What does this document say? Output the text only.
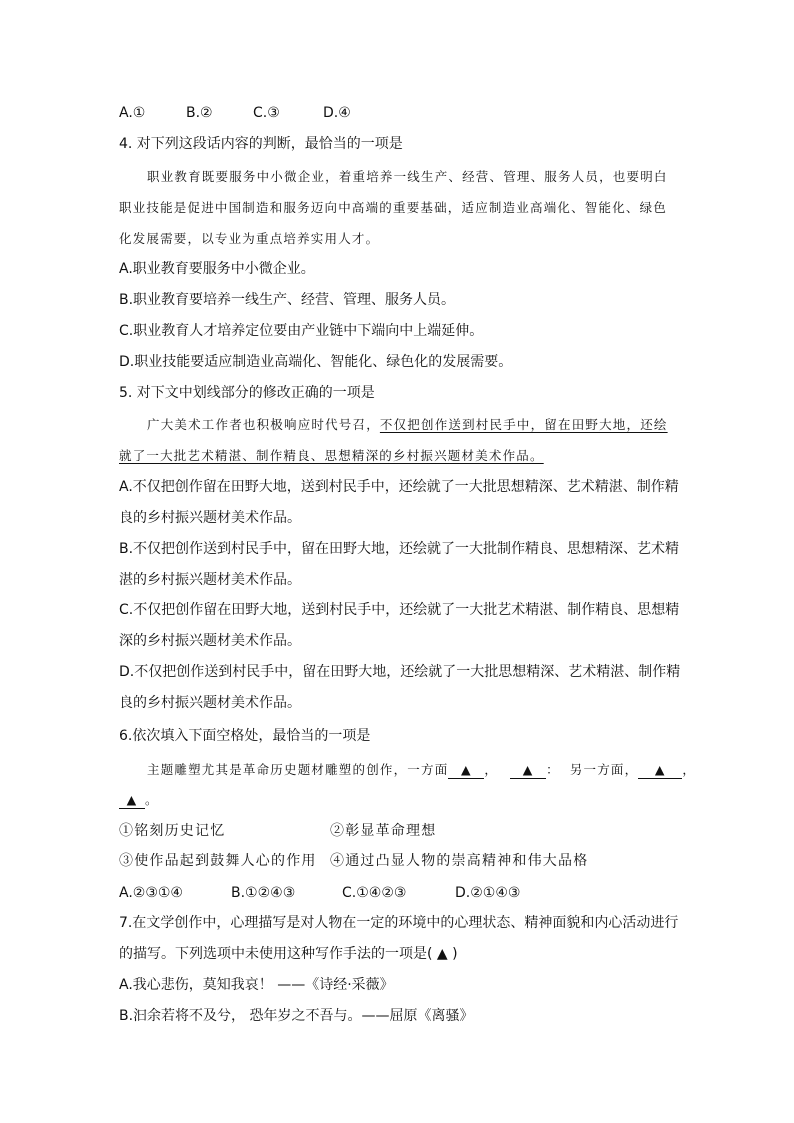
A.①	B.②	C.③	D.④
4. 对下列这段话内容的判断，最恰当的一项是
职业教育既要服务中小微企业，着重培养一线生产、经营、管理、服务人员，也要明白
职业技能是促进中国制造和服务迈向中高端的重要基础，适应制造业高端化、智能化、绿色
化发展需要，以专业为重点培养实用人才。
A.职业教育要服务中小微企业。
B.职业教育要培养一线生产、经营、管理、服务人员。
C.职业教育人才培养定位要由产业链中下端向中上端延伸。
D.职业技能要适应制造业高端化、智能化、绿色化的发展需要。
5. 对下文中划线部分的修改正确的一项是
广大美术工作者也积极响应时代号召，不仅把创作送到村民手中，留在田野大地，还绘
就了一大批艺术精湛、制作精良、思想精深的乡村振兴题材美术作品。
A.不仅把创作留在田野大地，送到村民手中，还绘就了一大批思想精深、艺术精湛、制作精
良的乡村振兴题材美术作品。
B.不仅把创作送到村民手中，留在田野大地，还绘就了一大批制作精良、思想精深、艺术精
湛的乡村振兴题材美术作品。
C.不仅把创作留在田野大地，送到村民手中，还绘就了一大批艺术精湛、制作精良、思想精
深的乡村振兴题材美术作品。
D.不仅把创作送到村民手中，留在田野大地，还绘就了一大批思想精深、艺术精湛、制作精
良的乡村振兴题材美术作品。
6.依次填入下面空格处，最恰当的一项是
主题雕塑尤其是革命历史题材雕塑的创作，一方面 ▲ ， ▲ ： 另一方面， ▲ ，
▲ 。
①铭刻历史记忆	②彰显革命理想
③使作品起到鼓舞人心的作用 ④通过凸显人物的崇高精神和伟大品格
A.②③①④	B.①②④③	C.①④②③	D.②①④③
7.在文学创作中，心理描写是对人物在一定的环境中的心理状态、精神面貌和内心活动进行
的描写。下列选项中未使用这种写作手法的一项是( ▲ )
A.我心悲伤，莫知我哀！ ——《诗经·采薇》
B.汩余若将不及兮， 恐年岁之不吾与。——屈原《离骚》
